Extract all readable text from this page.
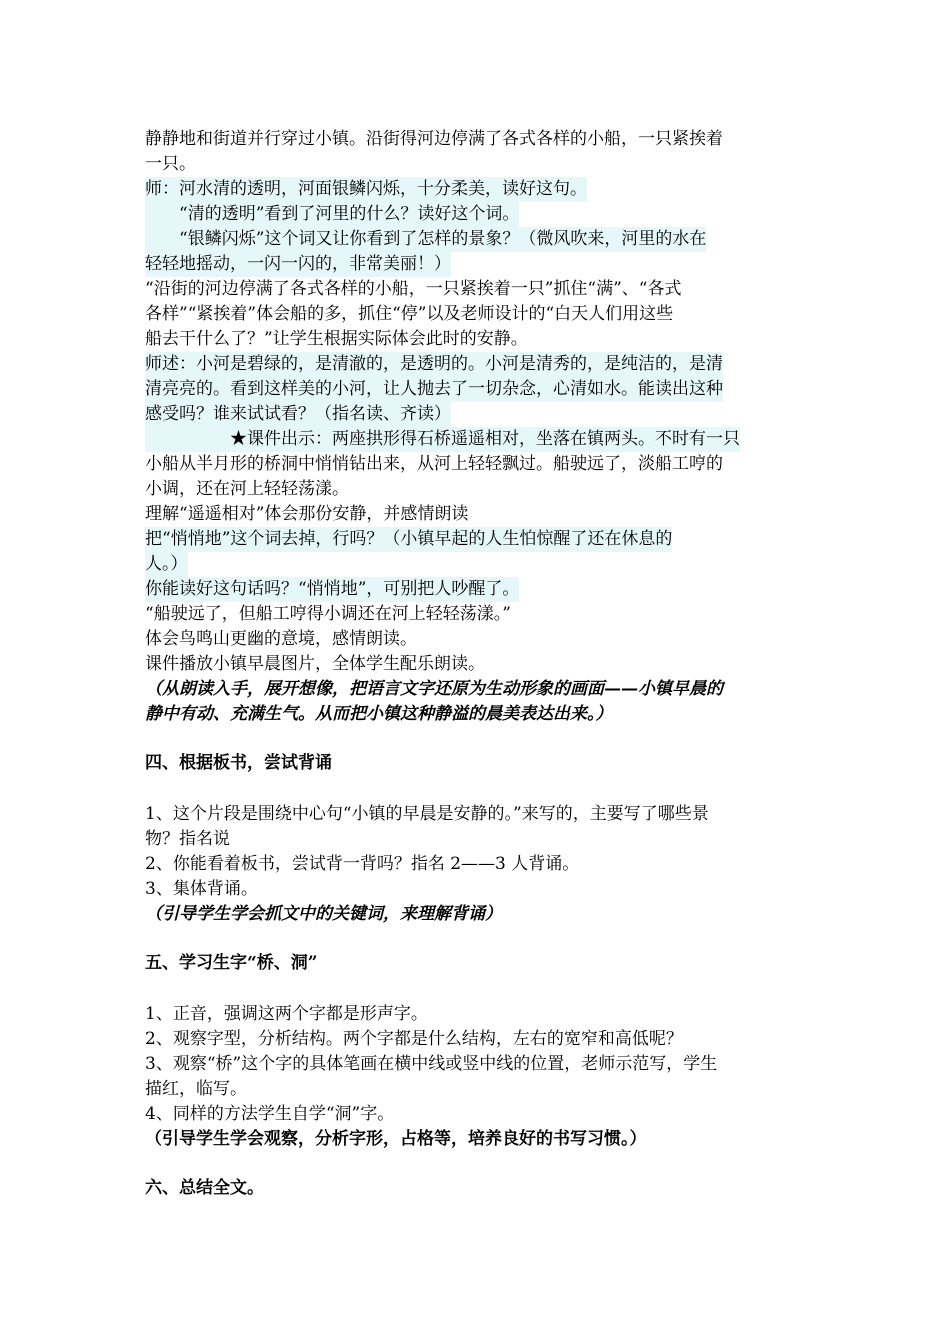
静静地和街道并行穿过小镇。沿街得河边停满了各式各样的小船，一只紧挨着
一只。
师：河水清的透明，河面银鳞闪烁，十分柔美，读好这句。
　　“清的透明”看到了河里的什么？读好这个词。
　　“银鳞闪烁”这个词又让你看到了怎样的景象？（微风吹来，河里的水在
轻轻地摇动，一闪一闪的，非常美丽！）
“沿街的河边停满了各式各样的小船，一只紧挨着一只”抓住“满”、“各式
各样”“紧挨着”体会船的多，抓住“停”以及老师设计的“白天人们用这些
船去干什么了？”让学生根据实际体会此时的安静。
师述：小河是碧绿的，是清澈的，是透明的。小河是清秀的，是纯洁的，是清
清亮亮的。看到这样美的小河，让人抛去了一切杂念，心清如水。能读出这种
感受吗？谁来试试看？（指名读、齐读）
　　　　　★课件出示：两座拱形得石桥遥遥相对，坐落在镇两头。不时有一只
小船从半月形的桥洞中悄悄钻出来，从河上轻轻飘过。船驶远了，淡船工哼的
小调，还在河上轻轻荡漾。
理解“遥遥相对”体会那份安静，并感情朗读
把“悄悄地”这个词去掉，行吗？（小镇早起的人生怕惊醒了还在休息的
人。）
你能读好这句话吗？“悄悄地”，可别把人吵醒了。
“船驶远了，但船工哼得小调还在河上轻轻荡漾。”
体会鸟鸣山更幽的意境，感情朗读。
课件播放小镇早晨图片，全体学生配乐朗读。
（从朗读入手，展开想像，把语言文字还原为生动形象的画面——小镇早晨的
静中有动、充满生气。从而把小镇这种静溢的晨美表达出来。）
四、根据板书，尝试背诵
1、这个片段是围绕中心句“小镇的早晨是安静的。”来写的，主要写了哪些景
物？指名说
2、你能看着板书，尝试背一背吗？指名 2——3 人背诵。
3、集体背诵。
（引导学生学会抓文中的关键词，来理解背诵）
五、学习生字“桥、洞”
1、正音，强调这两个字都是形声字。
2、观察字型，分析结构。两个字都是什么结构，左右的宽窄和高低呢？
3、观察“桥”这个字的具体笔画在横中线或竖中线的位置，老师示范写，学生
描红，临写。
4、同样的方法学生自学“洞”字。
（引导学生学会观察，分析字形，占格等，培养良好的书写习惯。）
六、总结全文。
